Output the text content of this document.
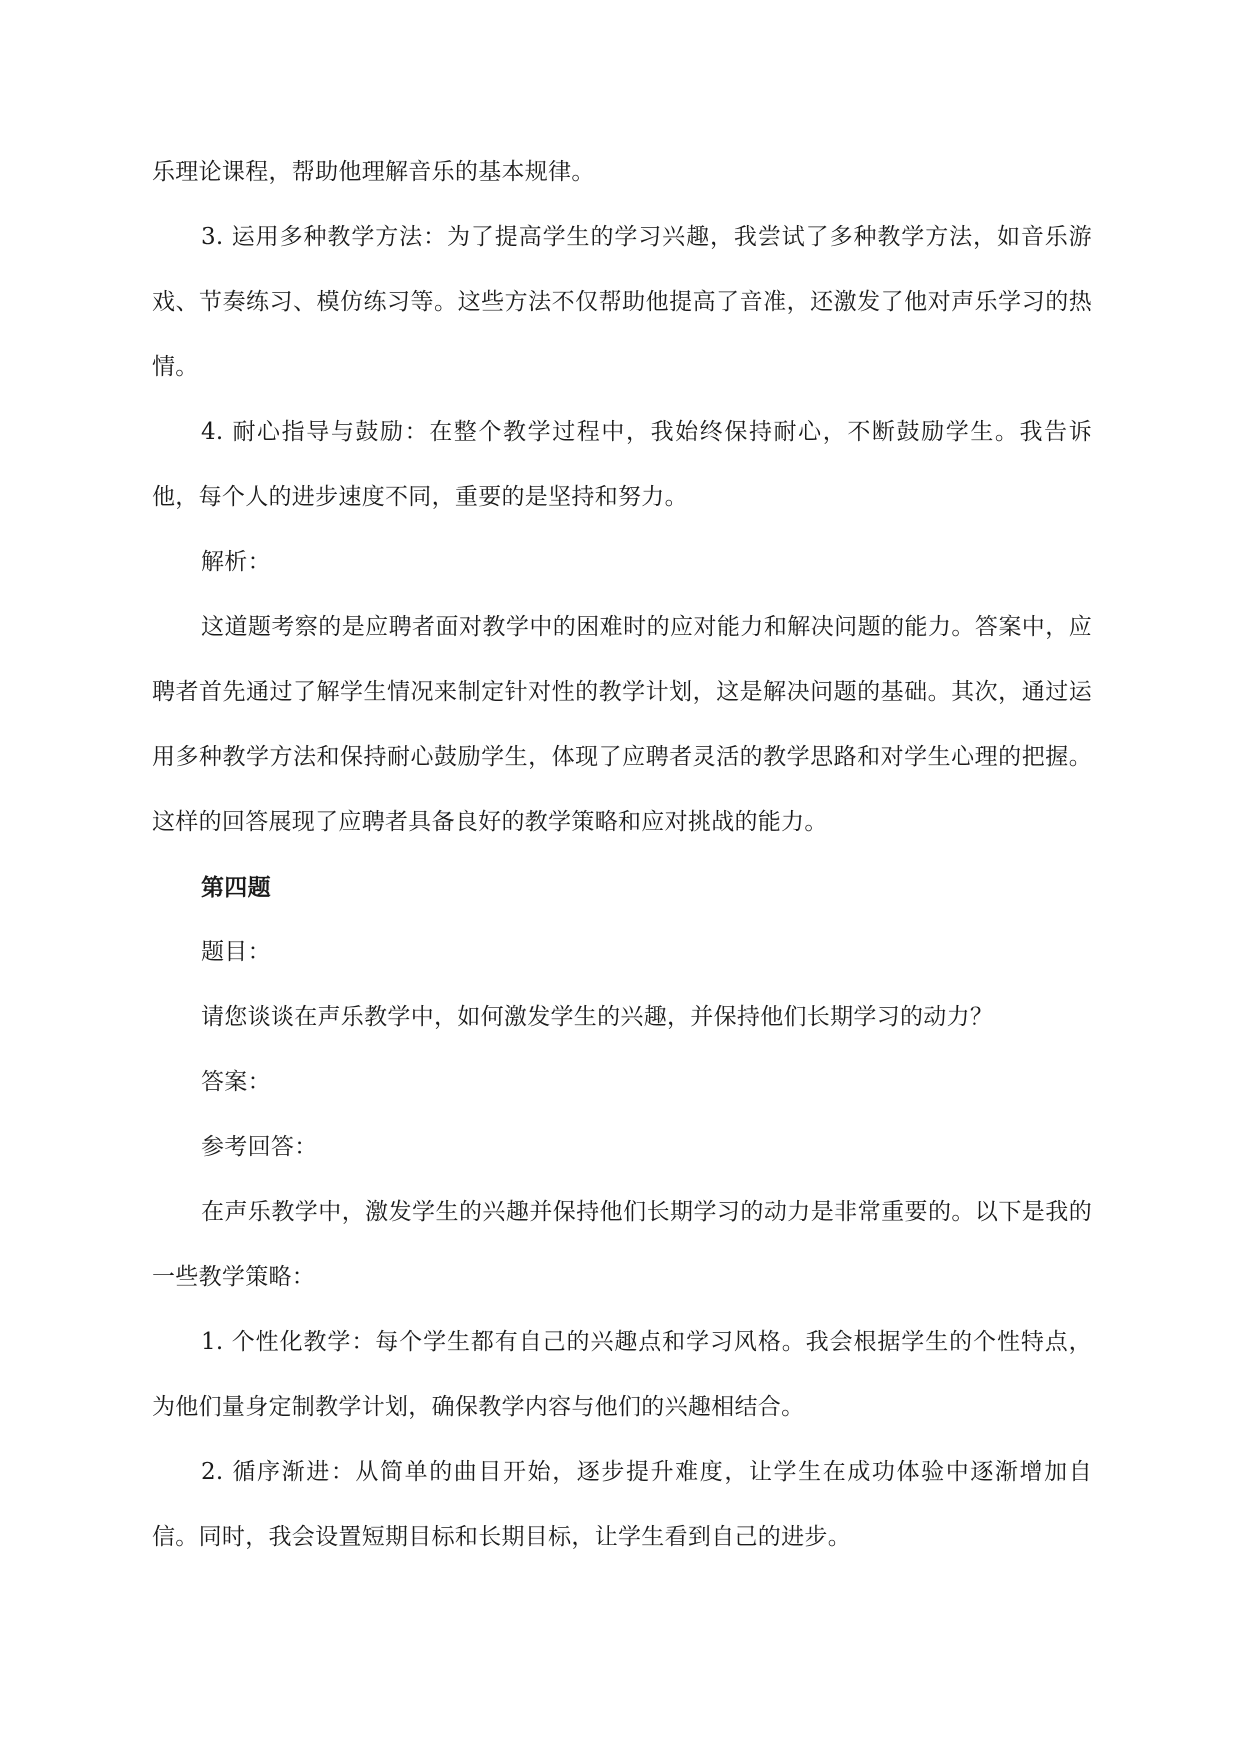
乐理论课程，帮助他理解音乐的基本规律。

3. 运用多种教学方法：为了提高学生的学习兴趣，我尝试了多种教学方法，如音乐游戏、节奏练习、模仿练习等。这些方法不仅帮助他提高了音准，还激发了他对声乐学习的热情。

4. 耐心指导与鼓励：在整个教学过程中，我始终保持耐心，不断鼓励学生。我告诉他，每个人的进步速度不同，重要的是坚持和努力。

解析：

这道题考察的是应聘者面对教学中的困难时的应对能力和解决问题的能力。答案中，应聘者首先通过了解学生情况来制定针对性的教学计划，这是解决问题的基础。其次，通过运用多种教学方法和保持耐心鼓励学生，体现了应聘者灵活的教学思路和对学生心理的把握。这样的回答展现了应聘者具备良好的教学策略和应对挑战的能力。

第四题

题目：

请您谈谈在声乐教学中，如何激发学生的兴趣，并保持他们长期学习的动力？

答案：

参考回答：

在声乐教学中，激发学生的兴趣并保持他们长期学习的动力是非常重要的。以下是我的一些教学策略：

1. 个性化教学：每个学生都有自己的兴趣点和学习风格。我会根据学生的个性特点，为他们量身定制教学计划，确保教学内容与他们的兴趣相结合。

2. 循序渐进：从简单的曲目开始，逐步提升难度，让学生在成功体验中逐渐增加自信。同时，我会设置短期目标和长期目标，让学生看到自己的进步。
